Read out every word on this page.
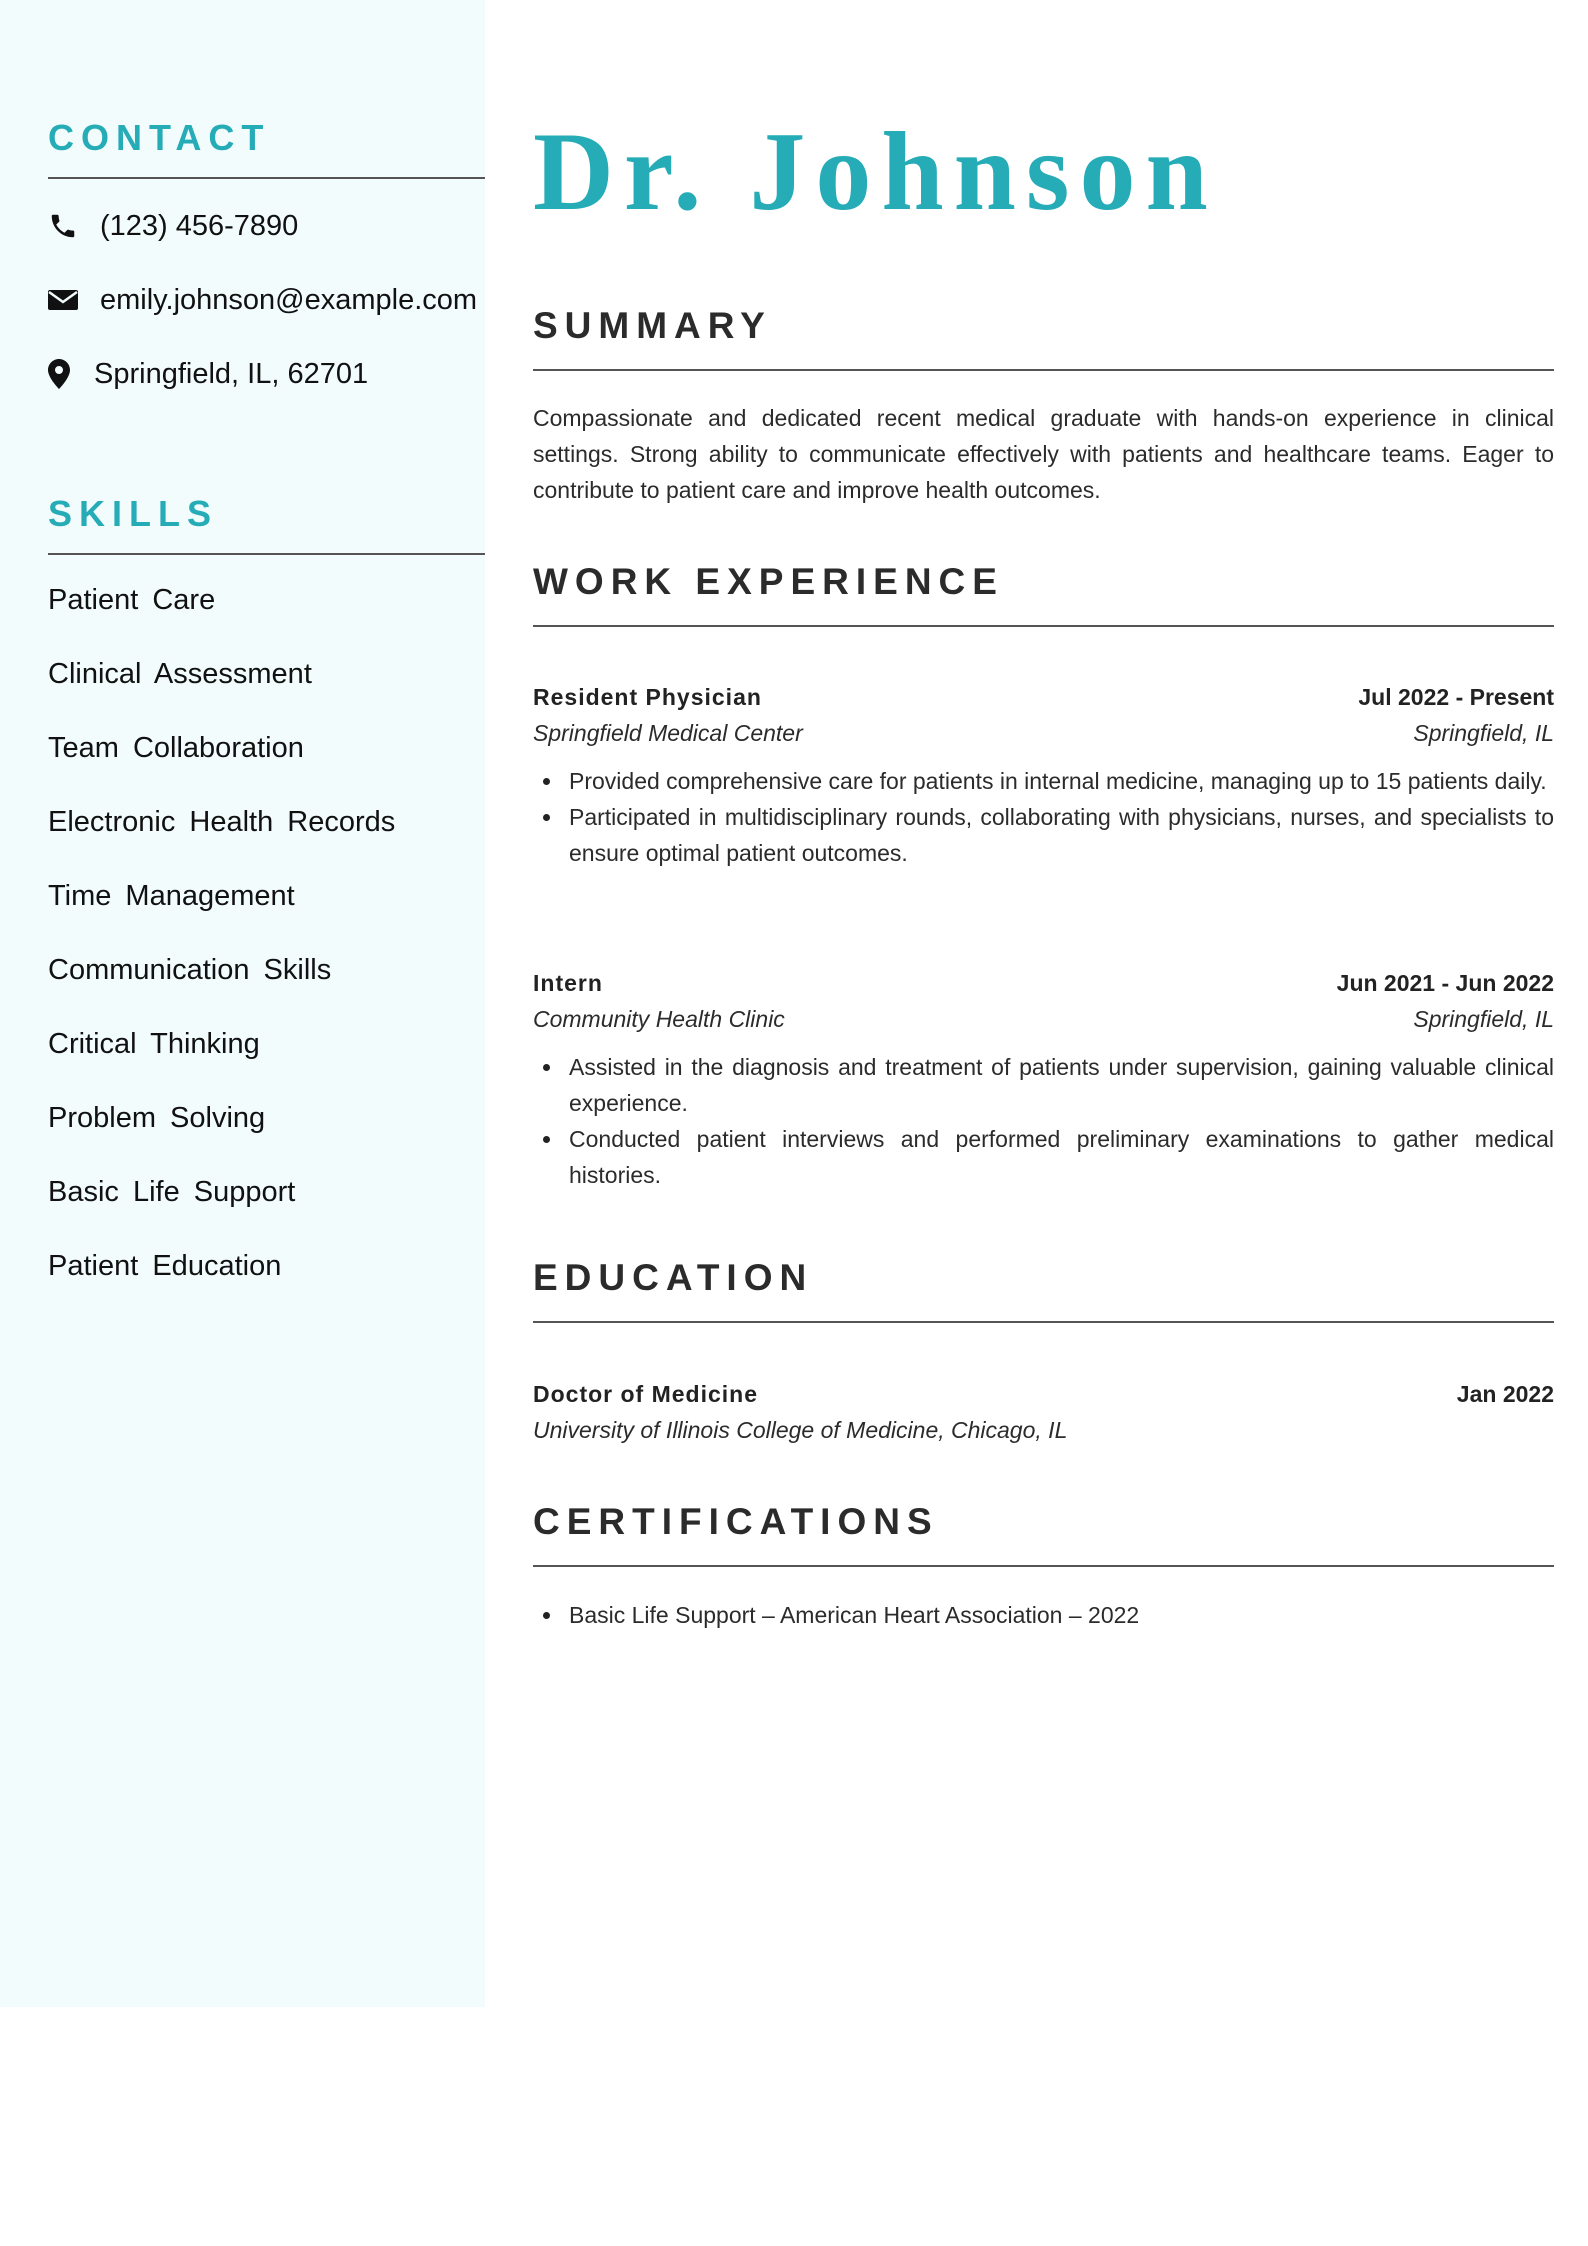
CONTACT
(123) 456-7890
emily.johnson@example.com
Springfield, IL, 62701
SKILLS
Patient Care
Clinical Assessment
Team Collaboration
Electronic Health Records
Time Management
Communication Skills
Critical Thinking
Problem Solving
Basic Life Support
Patient Education
Dr. Johnson
SUMMARY

Compassionate and dedicated recent medical graduate with hands-on experience in clinical settings. Strong ability to communicate effectively with patients and healthcare teams. Eager to contribute to patient care and improve health outcomes.

WORK EXPERIENCE
Resident Physician	Jul 2022 - Present
Springfield Medical Center	Springfield, IL
Provided comprehensive care for patients in internal medicine, managing up to 15 patients daily.
Participated in multidisciplinary rounds, collaborating with physicians, nurses, and specialists to ensure optimal patient outcomes.
Intern	Jun 2021 - Jun 2022
Community Health Clinic	Springfield, IL
Assisted in the diagnosis and treatment of patients under supervision, gaining valuable clinical experience.
Conducted patient interviews and performed preliminary examinations to gather medical histories.
EDUCATION
Doctor of Medicine	Jan 2022
University of Illinois College of Medicine, Chicago, IL
CERTIFICATIONS
Basic Life Support – American Heart Association – 2022
